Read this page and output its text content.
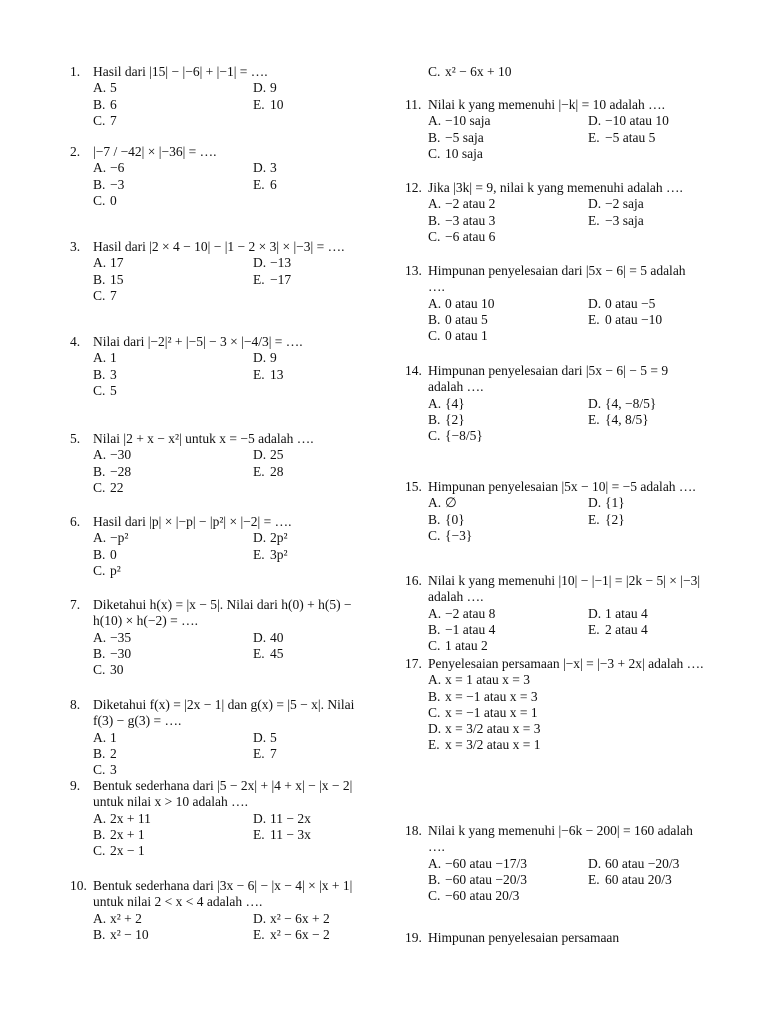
1. Hasil dari |15| − |−6| + |−1| = ….
A. 5	D. 9
B. 6	E. 10
C. 7
2. |−7 / −42| × |−36| = ….
A. −6	D. 3
B. −3	E. 6
C. 0
3. Hasil dari |2 × 4 − 10| − |1 − 2 × 3| × |−3| = ….
A. 17	D. −13
B. 15	E. −17
C. 7
4. Nilai dari |−2|² + |−5| − 3 × |−4/3| = ….
A. 1	D. 9
B. 3	E. 13
C. 5
5. Nilai |2 + x − x²| untuk x = −5 adalah ….
A. −30	D. 25
B. −28	E. 28
C. 22
6. Hasil dari |p| × |−p| − |p²| × |−2| = ….
A. −p²	D. 2p²
B. 0	E. 3p²
C. p²
7. Diketahui h(x) = |x − 5|. Nilai dari h(0) + h(5) − h(10) × h(−2) = ….
A. −35	D. 40
B. −30	E. 45
C. 30
8. Diketahui f(x) = |2x − 1| dan g(x) = |5 − x|. Nilai f(3) − g(3) = ….
A. 1	D. 5
B. 2	E. 7
C. 3
9. Bentuk sederhana dari |5 − 2x| + |4 + x| − |x − 2| untuk nilai x > 10 adalah ….
A. 2x + 11	D. 11 − 2x
B. 2x + 1	E. 11 − 3x
C. 2x − 1
10. Bentuk sederhana dari |3x − 6| − |x − 4| × |x + 1| untuk nilai 2 < x < 4 adalah ….
A. x² + 2	D. x² − 6x + 2
B. x² − 10	E. x² − 6x − 2
C. x² − 6x + 10
11. Nilai k yang memenuhi |−k| = 10 adalah ….
A. −10 saja	D. −10 atau 10
B. −5 saja	E. −5 atau 5
C. 10 saja
12. Jika |3k| = 9, nilai k yang memenuhi adalah ….
A. −2 atau 2	D. −2 saja
B. −3 atau 3	E. −3 saja
C. −6 atau 6
13. Himpunan penyelesaian dari |5x − 6| = 5 adalah ….
A. 0 atau 10	D. 0 atau −5
B. 0 atau 5	E. 0 atau −10
C. 0 atau 1
14. Himpunan penyelesaian dari |5x − 6| − 5 = 9 adalah ….
A. {4}	D. {4, −8/5}
B. {2}	E. {4, 8/5}
C. {−8/5}
15. Himpunan penyelesaian |5x − 10| = −5 adalah ….
A. ∅	D. {1}
B. {0}	E. {2}
C. {−3}
16. Nilai k yang memenuhi |10| − |−1| = |2k − 5| × |−3| adalah ….
A. −2 atau 8	D. 1 atau 4
B. −1 atau 4	E. 2 atau 4
C. 1 atau 2
17. Penyelesaian persamaan |−x| = |−3 + 2x| adalah ….
A. x = 1 atau x = 3
B. x = −1 atau x = 3
C. x = −1 atau x = 1
D. x = 3/2 atau x = 3
E. x = 3/2 atau x = 1
18. Nilai k yang memenuhi |−6k − 200| = 160 adalah ….
A. −60 atau −17/3	D. 60 atau −20/3
B. −60 atau −20/3	E. 60 atau 20/3
C. −60 atau 20/3
19. Himpunan penyelesaian persamaan
